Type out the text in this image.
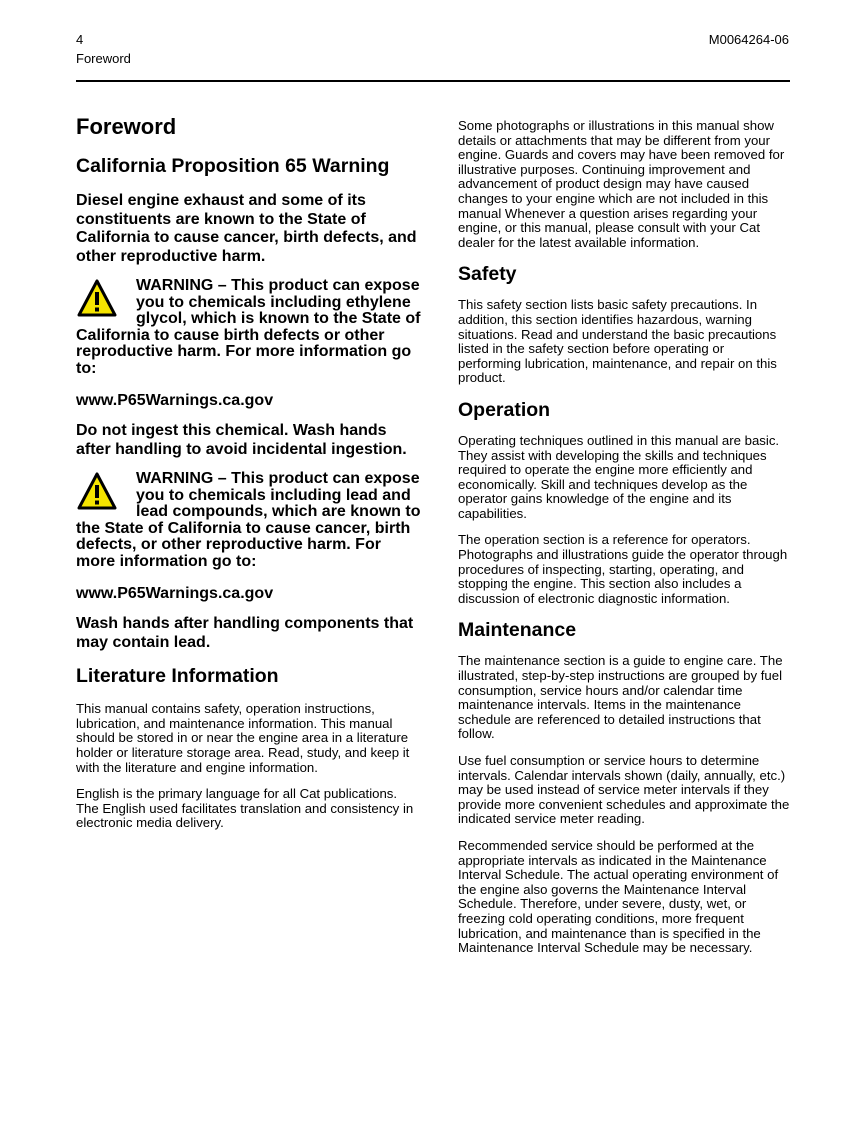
4
Foreword
M0064264-06
Foreword
California Proposition 65 Warning

Diesel engine exhaust and some of its constituents are known to the State of California to cause cancer, birth defects, and other reproductive harm.

WARNING – This product can expose you to chemicals including ethylene glycol, which is known to the State of California to cause birth defects or other reproductive harm. For more information go to:

www.P65Warnings.ca.gov

Do not ingest this chemical. Wash hands after handling to avoid incidental ingestion.

WARNING – This product can expose you to chemicals including lead and lead compounds, which are known to the State of California to cause cancer, birth defects, or other reproductive harm. For more information go to:

www.P65Warnings.ca.gov

Wash hands after handling components that may contain lead.

Literature Information

This manual contains safety, operation instructions, lubrication, and maintenance information. This manual should be stored in or near the engine area in a literature holder or literature storage area. Read, study, and keep it with the literature and engine information.

English is the primary language for all Cat publications. The English used facilitates translation and consistency in electronic media delivery.

Some photographs or illustrations in this manual show details or attachments that may be different from your engine. Guards and covers may have been removed for illustrative purposes. Continuing improvement and advancement of product design may have caused changes to your engine which are not included in this manual Whenever a question arises regarding your engine, or this manual, please consult with your Cat dealer for the latest available information.

Safety

This safety section lists basic safety precautions. In addition, this section identifies hazardous, warning situations. Read and understand the basic precautions listed in the safety section before operating or performing lubrication, maintenance, and repair on this product.

Operation

Operating techniques outlined in this manual are basic. They assist with developing the skills and techniques required to operate the engine more efficiently and economically. Skill and techniques develop as the operator gains knowledge of the engine and its capabilities.

The operation section is a reference for operators. Photographs and illustrations guide the operator through procedures of inspecting, starting, operating, and stopping the engine. This section also includes a discussion of electronic diagnostic information.

Maintenance

The maintenance section is a guide to engine care. The illustrated, step-by-step instructions are grouped by fuel consumption, service hours and/or calendar time maintenance intervals. Items in the maintenance schedule are referenced to detailed instructions that follow.

Use fuel consumption or service hours to determine intervals. Calendar intervals shown (daily, annually, etc.) may be used instead of service meter intervals if they provide more convenient schedules and approximate the indicated service meter reading.

Recommended service should be performed at the appropriate intervals as indicated in the Maintenance Interval Schedule. The actual operating environment of the engine also governs the Maintenance Interval Schedule. Therefore, under severe, dusty, wet, or freezing cold operating conditions, more frequent lubrication, and maintenance than is specified in the Maintenance Interval Schedule may be necessary.
